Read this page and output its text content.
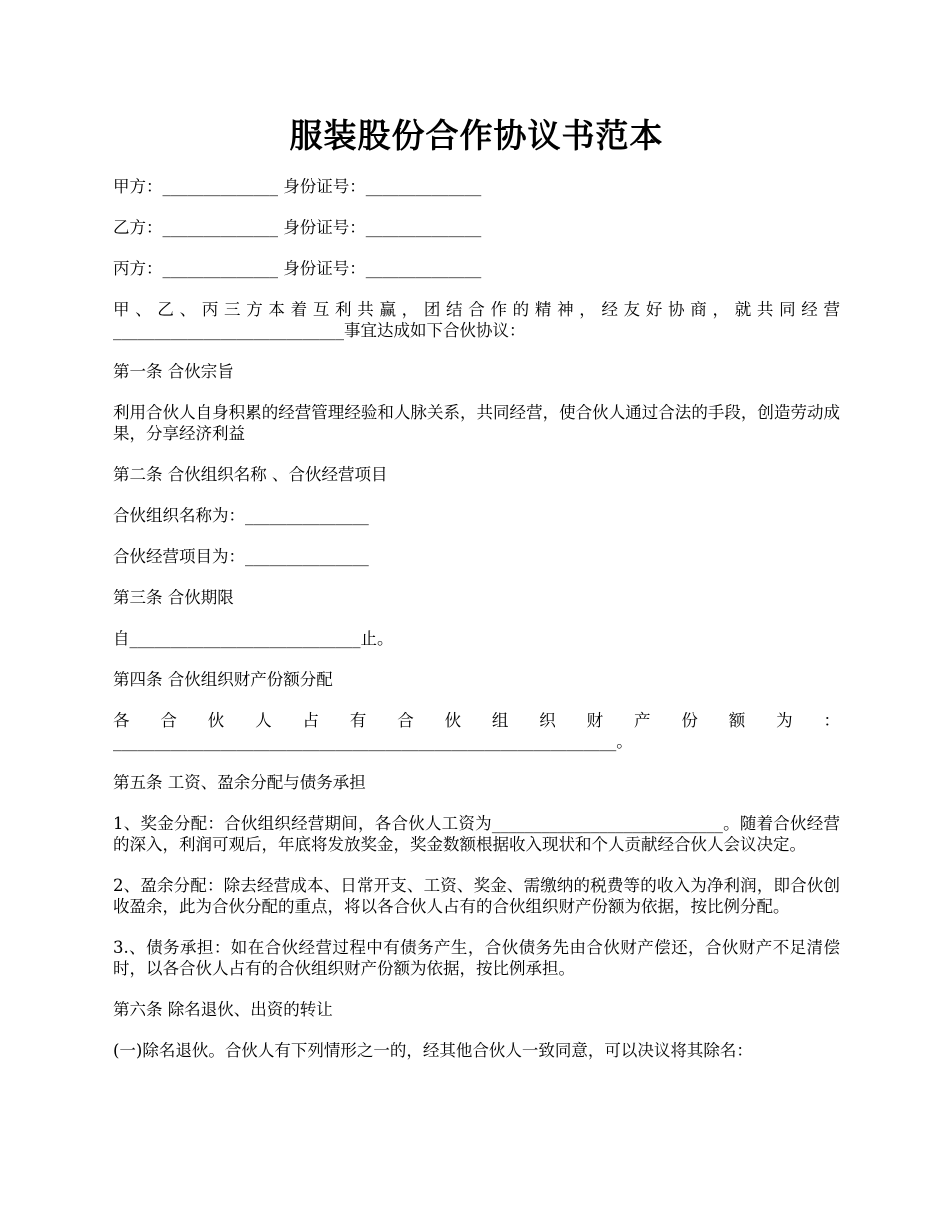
服装股份合作协议书范本

甲方：______________ 身份证号：______________

乙方：______________ 身份证号：______________

丙方：______________ 身份证号：______________

甲、乙、丙三方本着互利共赢，团结合作的精神，经友好协商，就共同经营____________________________事宜达成如下合伙协议：

第一条 合伙宗旨

利用合伙人自身积累的经营管理经验和人脉关系，共同经营，使合伙人通过合法的手段，创造劳动成果，分享经济利益

第二条 合伙组织名称 、合伙经营项目

合伙组织名称为：_______________

合伙经营项目为：_______________

第三条 合伙期限

自____________________________止。

第四条 合伙组织财产份额分配

各合伙人占有合伙组织财产份额为：_____________________________________________________________。

第五条 工资、盈余分配与债务承担

1、奖金分配：合伙组织经营期间，各合伙人工资为____________________________。随着合伙经营的深入，利润可观后，年底将发放奖金，奖金数额根据收入现状和个人贡献经合伙人会议决定。

2、盈余分配：除去经营成本、日常开支、工资、奖金、需缴纳的税费等的收入为净利润，即合伙创收盈余，此为合伙分配的重点，将以各合伙人占有的合伙组织财产份额为依据，按比例分配。

3.、债务承担：如在合伙经营过程中有债务产生，合伙债务先由合伙财产偿还，合伙财产不足清偿时，以各合伙人占有的合伙组织财产份额为依据，按比例承担。

第六条 除名退伙、出资的转让

(一)除名退伙。合伙人有下列情形之一的，经其他合伙人一致同意，可以决议将其除名：
